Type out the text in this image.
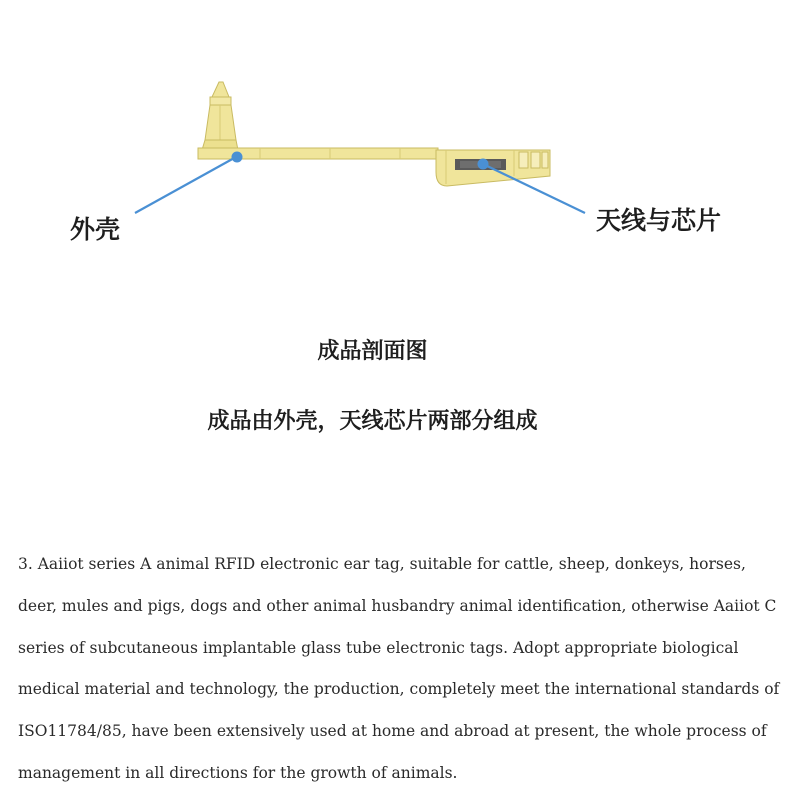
外壳	天线与芯片
成品剖面图
成品由外壳，天线芯片两部分组成

3. Aaiiot series A animal RFID electronic ear tag, suitable for cattle, sheep, donkeys, horses, deer, mules and pigs, dogs and other animal husbandry animal identification, otherwise Aaiiot C series of subcutaneous implantable glass tube electronic tags. Adopt appropriate biological medical material and technology, the production, completely meet the international standards of ISO11784/85, have been extensively used at home and abroad at present, the whole process of management in all directions for the growth of animals.
